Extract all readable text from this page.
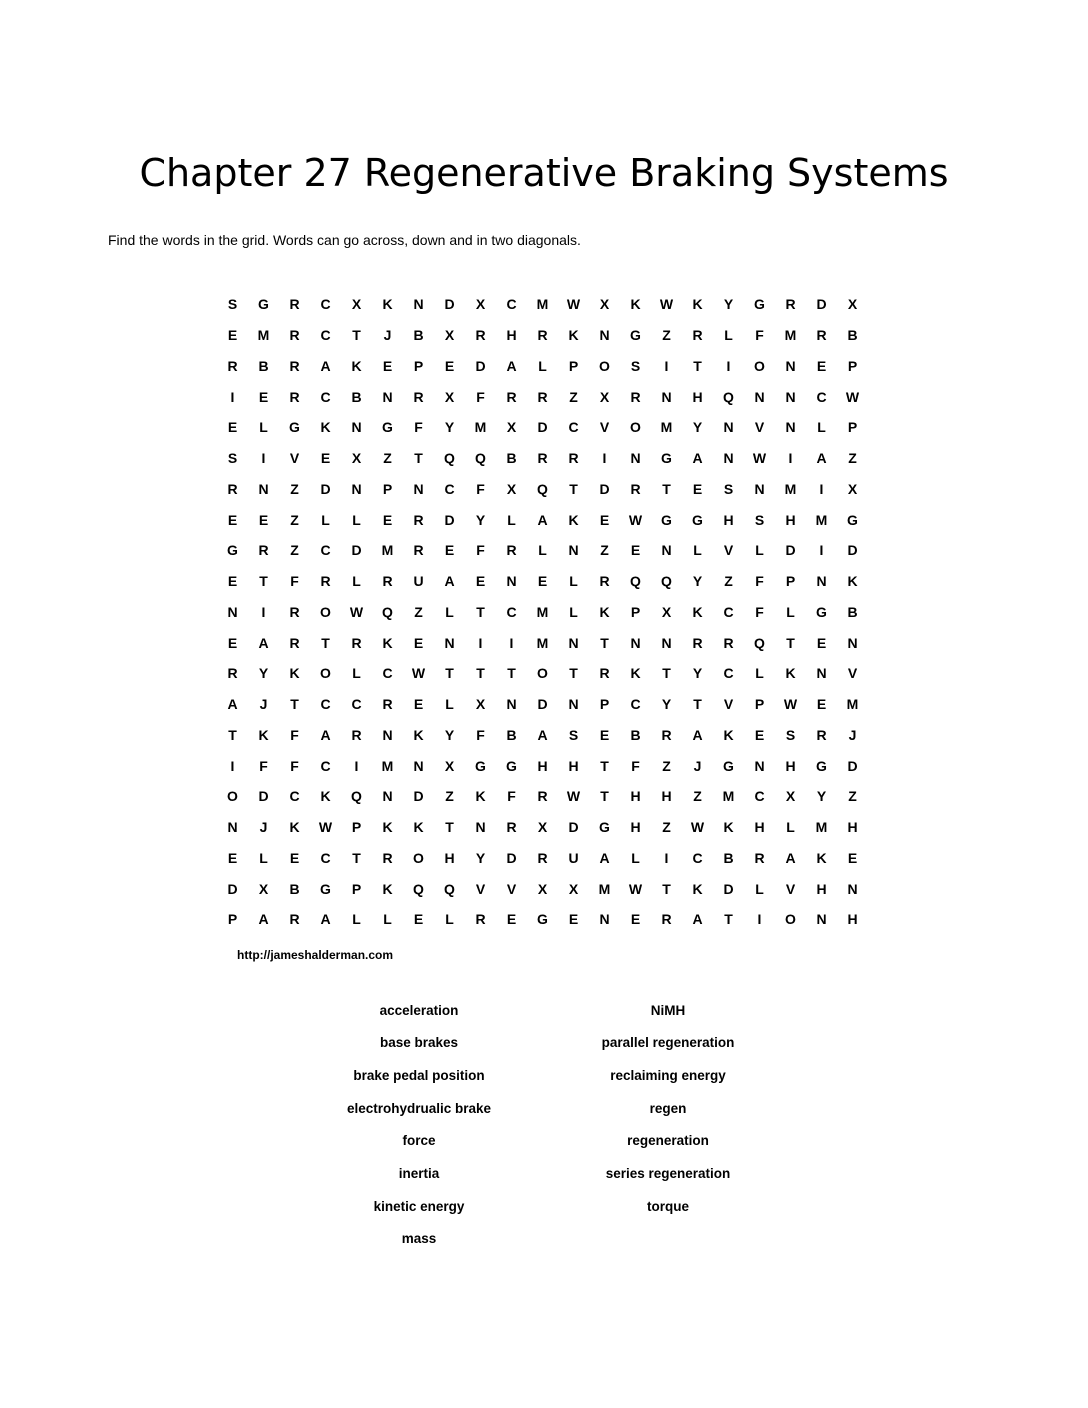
Chapter 27 Regenerative Braking Systems
Find the words in the grid. Words can go across, down and in two diagonals.
S	G	R	C	X	K	N	D	X	C	M	W	X	K	W	K	Y	G	R	D	X
E	M	R	C	T	J	B	X	R	H	R	K	N	G	Z	R	L	F	M	R	B
R	B	R	A	K	E	P	E	D	A	L	P	O	S	I	T	I	O	N	E	P
I	E	R	C	B	N	R	X	F	R	R	Z	X	R	N	H	Q	N	N	C	W
E	L	G	K	N	G	F	Y	M	X	D	C	V	O	M	Y	N	V	N	L	P
S	I	V	E	X	Z	T	Q	Q	B	R	R	I	N	G	A	N	W	I	A	Z
R	N	Z	D	N	P	N	C	F	X	Q	T	D	R	T	E	S	N	M	I	X
E	E	Z	L	L	E	R	D	Y	L	A	K	E	W	G	G	H	S	H	M	G
G	R	Z	C	D	M	R	E	F	R	L	N	Z	E	N	L	V	L	D	I	D
E	T	F	R	L	R	U	A	E	N	E	L	R	Q	Q	Y	Z	F	P	N	K
N	I	R	O	W	Q	Z	L	T	C	M	L	K	P	X	K	C	F	L	G	B
E	A	R	T	R	K	E	N	I	I	M	N	T	N	N	R	R	Q	T	E	N
R	Y	K	O	L	C	W	T	T	T	O	T	R	K	T	Y	C	L	K	N	V
A	J	T	C	C	R	E	L	X	N	D	N	P	C	Y	T	V	P	W	E	M
T	K	F	A	R	N	K	Y	F	B	A	S	E	B	R	A	K	E	S	R	J
I	F	F	C	I	M	N	X	G	G	H	H	T	F	Z	J	G	N	H	G	D
O	D	C	K	Q	N	D	Z	K	F	R	W	T	H	H	Z	M	C	X	Y	Z
N	J	K	W	P	K	K	T	N	R	X	D	G	H	Z	W	K	H	L	M	H
E	L	E	C	T	R	O	H	Y	D	R	U	A	L	I	C	B	R	A	K	E
D	X	B	G	P	K	Q	Q	V	V	X	X	M	W	T	K	D	L	V	H	N
P	A	R	A	L	L	E	L	R	E	G	E	N	E	R	A	T	I	O	N	H
http://jameshalderman.com
acceleration
base brakes
brake pedal position
electrohydrualic brake
force
inertia
kinetic energy
mass
NiMH
parallel regeneration
reclaiming energy
regen
regeneration
series regeneration
torque
